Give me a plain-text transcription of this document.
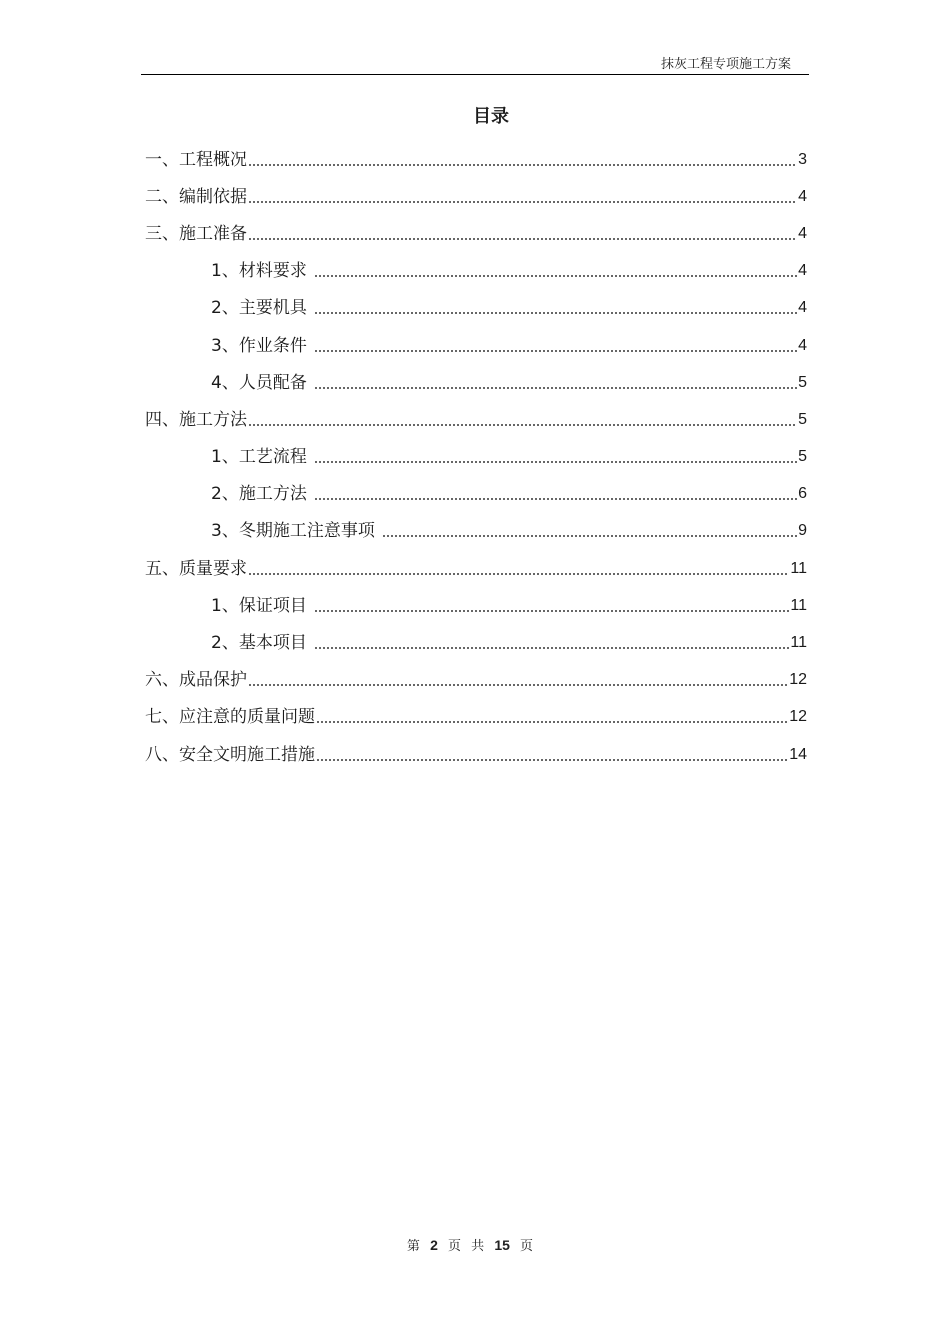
抹灰工程专项施工方案
目录
一、工程概况	3
二、编制依据	4
三、施工准备	4
1、材料要求	4
2、主要机具	4
3、作业条件	4
4、人员配备	5
四、施工方法	5
1、工艺流程	5
2、施工方法	6
3、冬期施工注意事项	9
五、质量要求	11
1、保证项目	11
2、基本项目	11
六、成品保护	12
七、应注意的质量问题	12
八、安全文明施工措施	14
第 2 页 共 15 页
